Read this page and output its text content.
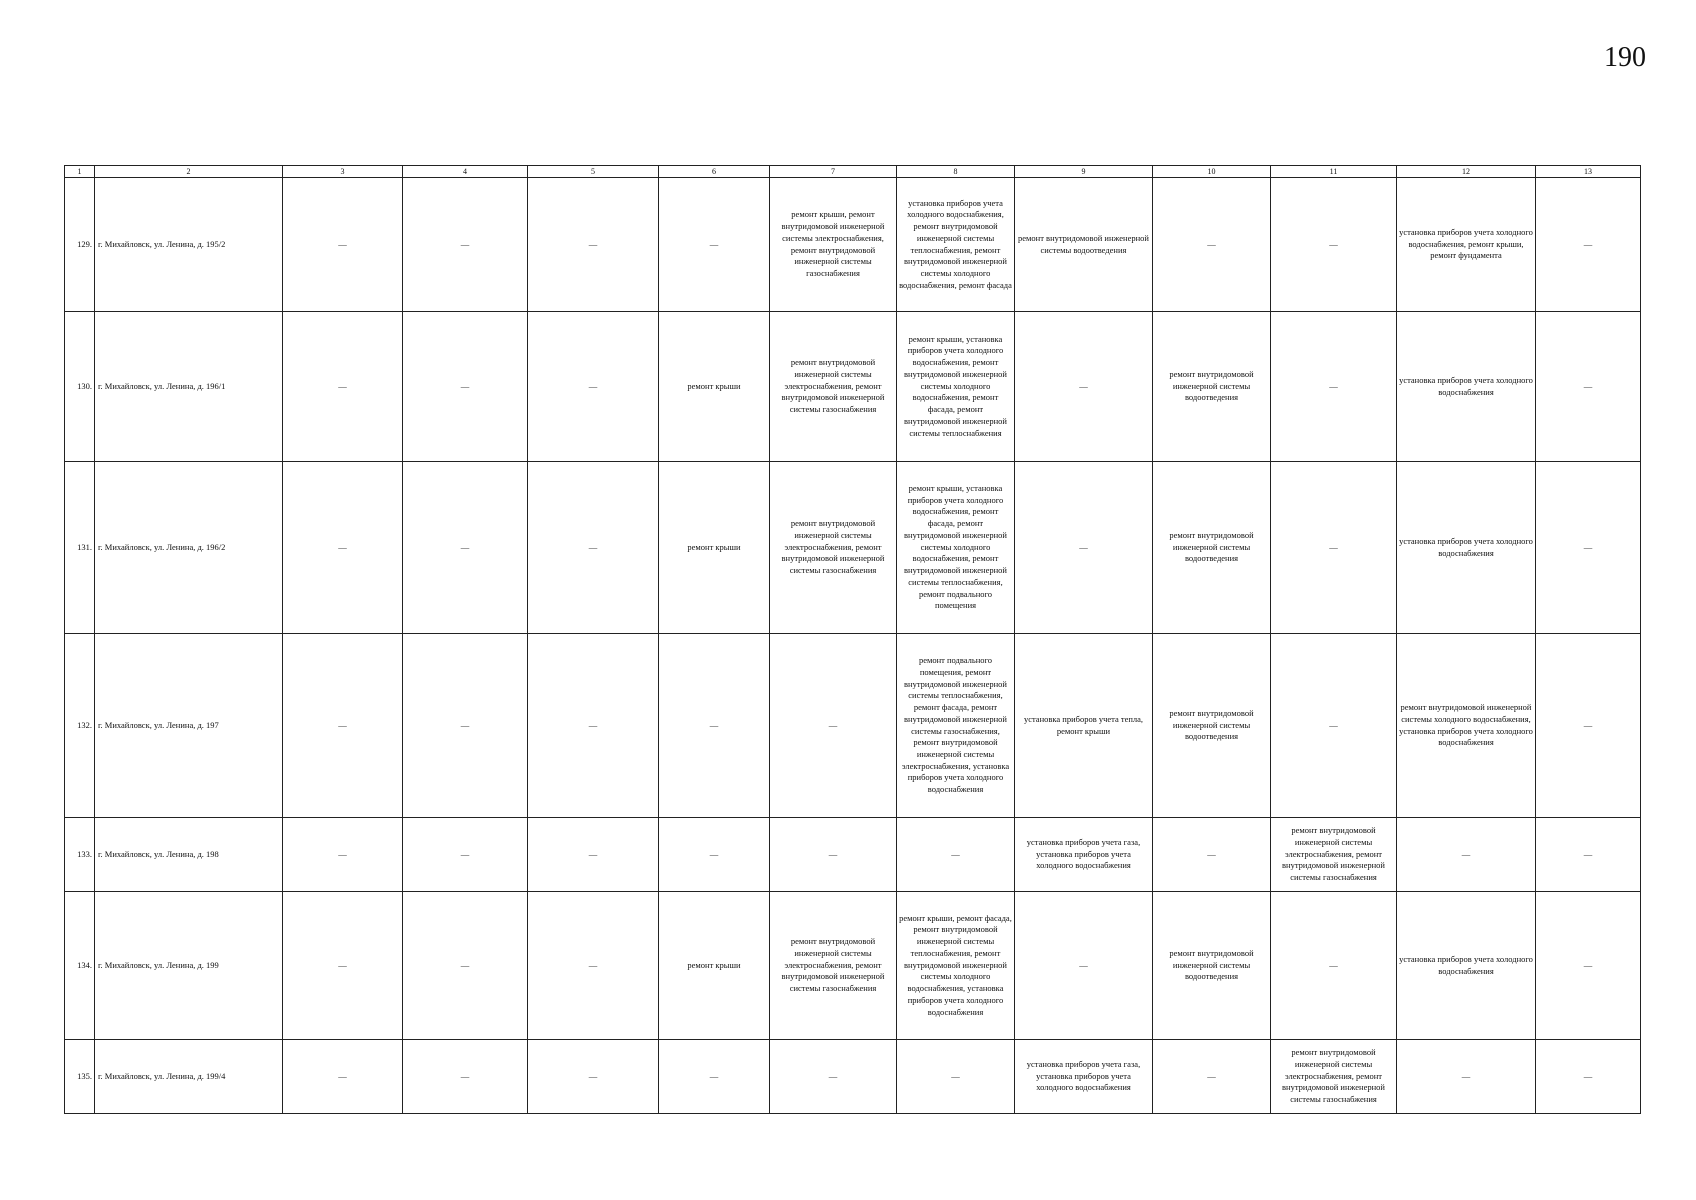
190
1	2	3	4	5	6	7	8	9	10	11	12	13
129.	г. Михайловск, ул. Ленина, д. 195/2	—	—	—	—	ремонт крыши, ремонт внутридомовой инженерной системы электроснабжения, ремонт внутридомовой инженерной системы газоснабжения	установка приборов учета холодного водоснабжения, ремонт внутридомовой инженерной системы теплоснабжения, ремонт внутридомовой инженерной системы холодного водоснабжения, ремонт фасада	ремонт внутридомовой инженерной системы водоотведения	—	—	установка приборов учета холодного водоснабжения, ремонт крыши, ремонт фундамента	—
130.	г. Михайловск, ул. Ленина, д. 196/1	—	—	—	ремонт крыши	ремонт внутридомовой инженерной системы электроснабжения, ремонт внутридомовой инженерной системы газоснабжения	ремонт крыши, установка приборов учета холодного водоснабжения, ремонт внутридомовой инженерной системы холодного водоснабжения, ремонт фасада, ремонт внутридомовой инженерной системы теплоснабжения	—	ремонт внутридомовой инженерной системы водоотведения	—	установка приборов учета холодного водоснабжения	—
131.	г. Михайловск, ул. Ленина, д. 196/2	—	—	—	ремонт крыши	ремонт внутридомовой инженерной системы электроснабжения, ремонт внутридомовой инженерной системы газоснабжения	ремонт крыши, установка приборов учета холодного водоснабжения, ремонт фасада, ремонт внутридомовой инженерной системы холодного водоснабжения, ремонт внутридомовой инженерной системы теплоснабжения, ремонт подвального помещения	—	ремонт внутридомовой инженерной системы водоотведения	—	установка приборов учета холодного водоснабжения	—
132.	г. Михайловск, ул. Ленина, д. 197	—	—	—	—	—	ремонт подвального помещения, ремонт внутридомовой инженерной системы теплоснабжения, ремонт фасада, ремонт внутридомовой инженерной системы газоснабжения, ремонт внутридомовой инженерной системы электроснабжения, установка приборов учета холодного водоснабжения	установка приборов учета тепла, ремонт крыши	ремонт внутридомовой инженерной системы водоотведения	—	ремонт внутридомовой инженерной системы холодного водоснабжения, установка приборов учета холодного водоснабжения	—
133.	г. Михайловск, ул. Ленина, д. 198	—	—	—	—	—	—	установка приборов учета газа, установка приборов учета холодного водоснабжения	—	ремонт внутридомовой инженерной системы электроснабжения, ремонт внутридомовой инженерной системы газоснабжения	—	—
134.	г. Михайловск, ул. Ленина, д. 199	—	—	—	ремонт крыши	ремонт внутридомовой инженерной системы электроснабжения, ремонт внутридомовой инженерной системы газоснабжения	ремонт крыши, ремонт фасада, ремонт внутридомовой инженерной системы теплоснабжения, ремонт внутридомовой инженерной системы холодного водоснабжения, установка приборов учета холодного водоснабжения	—	ремонт внутридомовой инженерной системы водоотведения	—	установка приборов учета холодного водоснабжения	—
135.	г. Михайловск, ул. Ленина, д. 199/4	—	—	—	—	—	—	установка приборов учета газа, установка приборов учета холодного водоснабжения	—	ремонт внутридомовой инженерной системы электроснабжения, ремонт внутридомовой инженерной системы газоснабжения	—	—
